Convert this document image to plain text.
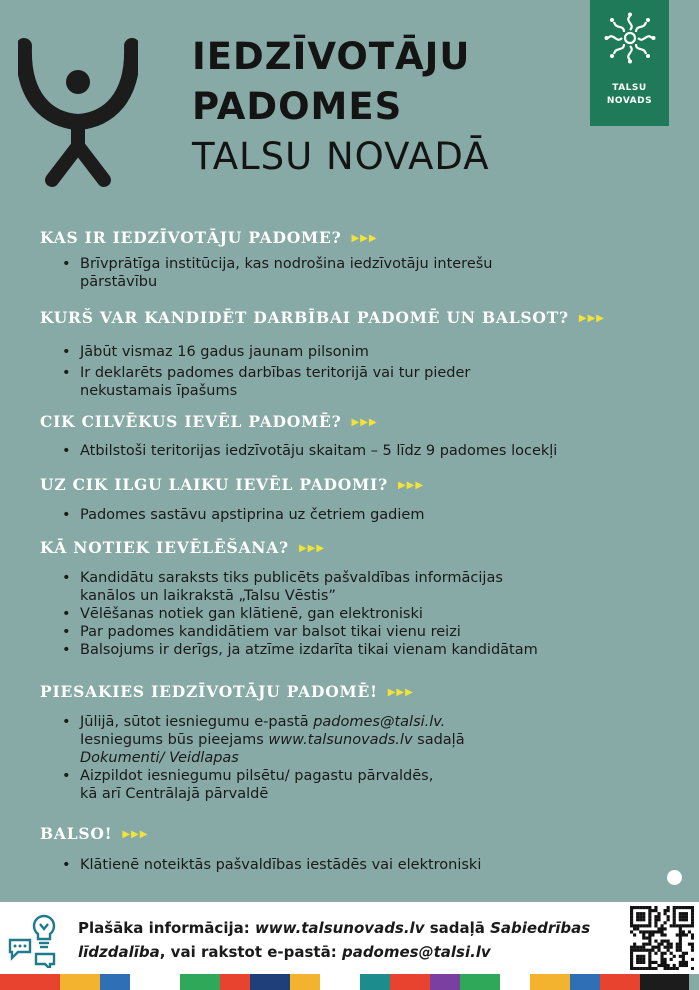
IEDZĪVOTĀJU
PADOMES
TALSU NOVADĀ
TALSU
NOVADS
KAS IR IEDZĪVOTĀJU PADOME? ▶▶▶
• Brīvprātīga institūcija, kas nodrošina iedzīvotāju interešu
pārstāvību
KURŠ VAR KANDIDĒT DARBĪBAI PADOMĒ UN BALSOT? ▶▶▶
• Jābūt vismaz 16 gadus jaunam pilsonim
• Ir deklarēts padomes darbības teritorijā vai tur pieder
nekustamais īpašums
CIK CILVĒKUS IEVĒL PADOMĒ? ▶▶▶
• Atbilstoši teritorijas iedzīvotāju skaitam – 5 līdz 9 padomes locekļi
UZ CIK ILGU LAIKU IEVĒL PADOMI? ▶▶▶
• Padomes sastāvu apstiprina uz četriem gadiem
KĀ NOTIEK IEVĒLĒŠANA? ▶▶▶
• Kandidātu saraksts tiks publicēts pašvaldības informācijas
kanālos un laikrakstā „Talsu Vēstis”
• Vēlēšanas notiek gan klātienē, gan elektroniski
• Par padomes kandidātiem var balsot tikai vienu reizi
• Balsojums ir derīgs, ja atzīme izdarīta tikai vienam kandidātam
PIESAKIES IEDZĪVOTĀJU PADOMĒ! ▶▶▶
• Jūlijā, sūtot iesniegumu e-pastā padomes@talsi.lv.
Iesniegums būs pieejams www.talsunovads.lv sadaļā
Dokumenti/ Veidlapas
• Aizpildot iesniegumu pilsētu/ pagastu pārvaldēs,
kā arī Centrālajā pārvaldē
BALSO! ▶▶▶
• Klātienē noteiktās pašvaldības iestādēs vai elektroniski
Plašāka informācija: www.talsunovads.lv sadaļā Sabiedrības
līdzdalība, vai rakstot e-pastā: padomes@talsi.lv
